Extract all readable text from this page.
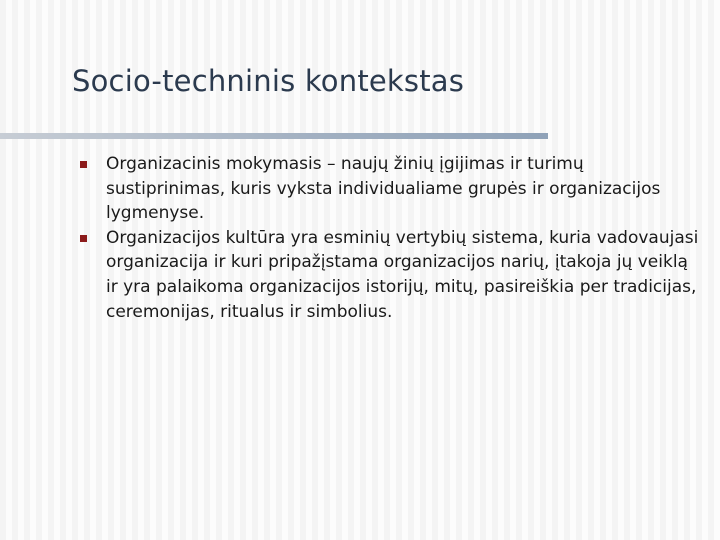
Socio-techninis kontekstas
Organizacinis mokymasis – naujų žinių įgijimas ir turimų sustiprinimas, kuris vyksta individualiame grupės ir organizacijos lygmenyse.
Organizacijos kultūra yra esminių vertybių sistema, kuria vadovaujasi organizacija ir kuri pripažįstama organizacijos narių, įtakoja jų veiklą ir yra palaikoma organizacijos istorijų, mitų, pasireiškia per tradicijas, ceremonijas, ritualus ir simbolius.
